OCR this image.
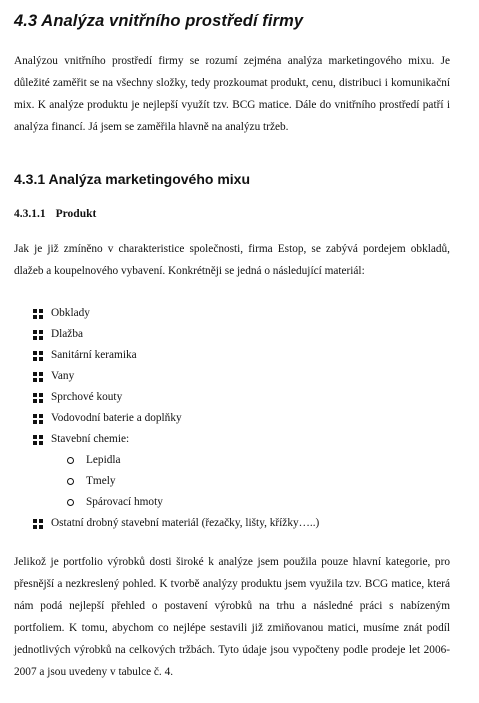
4.3 Analýza vnitřního prostředí firmy

Analýzou vnitřního prostředí firmy se rozumí zejména analýza marketingového mixu. Je důležité zaměřit se na všechny složky, tedy prozkoumat produkt, cenu, distribuci i komunikační mix. K analýze produktu je nejlepší využít tzv. BCG matice. Dále do vnitřního prostředí patří i analýza financí. Já jsem se zaměřila hlavně na analýzu tržeb.

4.3.1 Analýza marketingového mixu
4.3.1.1 Produkt

Jak je již zmíněno v charakteristice společnosti, firma Estop, se zabývá pordejem obkladů, dlažeb a koupelnového vybavení. Konkrétněji se jedná o následující materiál:

Obklady
Dlažba
Sanitární keramika
Vany
Sprchové kouty
Vodovodní baterie a doplňky
Stavební chemie:
Lepidla
Tmely
Spárovací hmoty
Ostatní drobný stavební materiál (řezačky, lišty, křížky…..)

Jelikož je portfolio výrobků dosti široké k analýze jsem použila pouze hlavní kategorie, pro přesnější a nezkreslený pohled. K tvorbě analýzy produktu jsem využila tzv. BCG matice, která nám podá nejlepší přehled o postavení výrobků na trhu a následné práci s nabízeným portfoliem. K tomu, abychom co nejlépe sestavili již zmiňovanou matici, musíme znát podíl jednotlivých výrobků na celkových tržbách. Tyto údaje jsou vypočteny podle prodeje let 2006-2007 a jsou uvedeny v tabulce č. 4.
